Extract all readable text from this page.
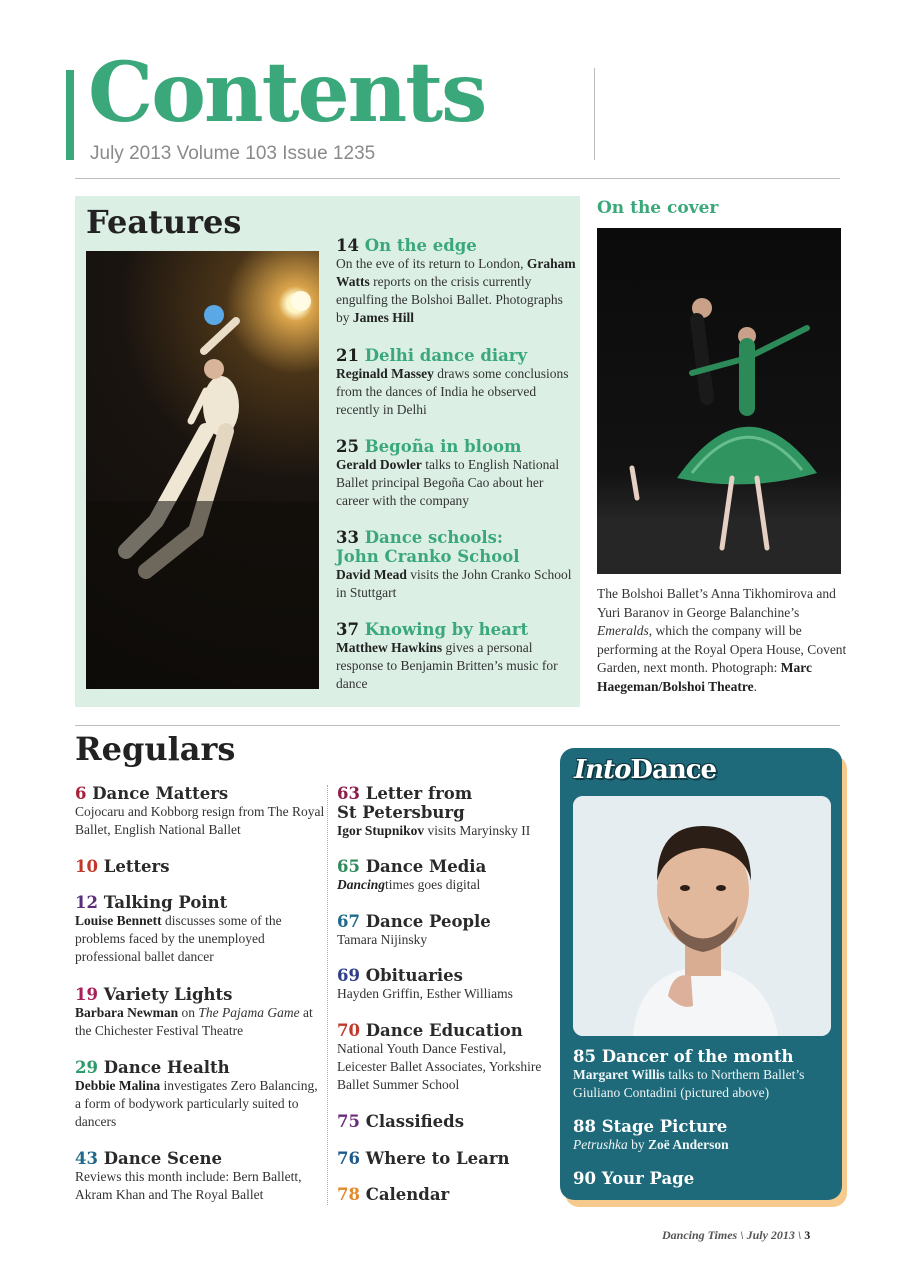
Contents
July 2013 Volume 103 Issue 1235
Features
14 On the edge
On the eve of its return to London, Graham Watts reports on the crisis currently engulfing the Bolshoi Ballet. Photographs by James Hill
21 Delhi dance diary
Reginald Massey draws some conclusions from the dances of India he observed recently in Delhi
25 Begoña in bloom
Gerald Dowler talks to English National Ballet principal Begoña Cao about her career with the company
33 Dance schools:
John Cranko School
David Mead visits the John Cranko School in Stuttgart
37 Knowing by heart
Matthew Hawkins gives a personal response to Benjamin Britten’s music for dance
On the cover
The Bolshoi Ballet’s Anna Tikhomirova and Yuri Baranov in George Balanchine’s Emeralds, which the company will be performing at the Royal Opera House, Covent Garden, next month. Photograph: Marc Haegeman/Bolshoi Theatre.
Regulars
6 Dance Matters
Cojocaru and Kobborg resign from The Royal Ballet, English National Ballet
10 Letters
12 Talking Point
Louise Bennett discusses some of the problems faced by the unemployed professional ballet dancer
19 Variety Lights
Barbara Newman on The Pajama Game at the Chichester Festival Theatre
29 Dance Health
Debbie Malina investigates Zero Balancing, a form of bodywork particularly suited to dancers
43 Dance Scene
Reviews this month include: Bern Ballett, Akram Khan and The Royal Ballet
63 Letter from
St Petersburg
Igor Stupnikov visits Maryinsky II
65 Dance Media
Dancingtimes goes digital
67 Dance People
Tamara Nijinsky
69 Obituaries
Hayden Griffin, Esther Williams
70 Dance Education
National Youth Dance Festival, Leicester Ballet Associates, Yorkshire Ballet Summer School
75 Classifieds
76 Where to Learn
78 Calendar
IntoDance
85 Dancer of the month
Margaret Willis talks to Northern Ballet’s Giuliano Contadini (pictured above)
88 Stage Picture
Petrushka by Zoë Anderson
90 Your Page
Dancing Times \ July 2013 \ 3
